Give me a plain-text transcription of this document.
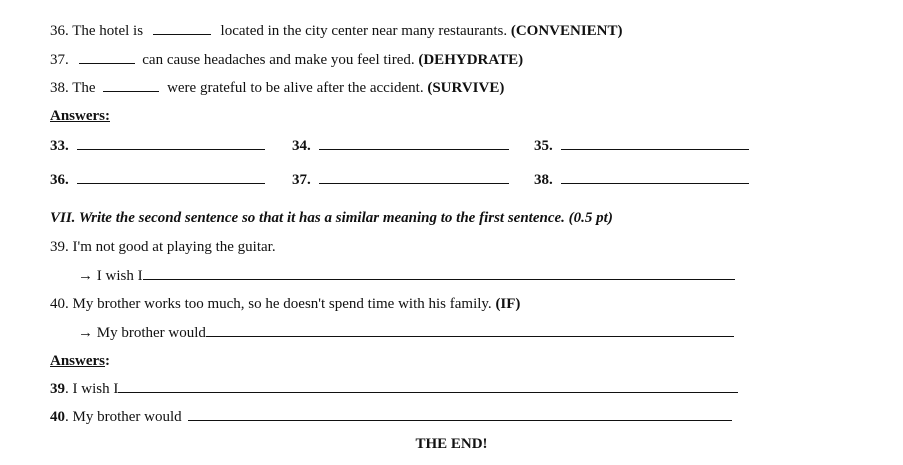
36. The hotel is	located in the city center near many restaurants. (CONVENIENT)
37.	can cause headaches and make you feel tired. (DEHYDRATE)
38. The	were grateful to be alive after the accident. (SURVIVE)
Answers:
33.	34.	35.
36.	37.	38.
VII. Write the second sentence so that it has a similar meaning to the first sentence. (0.5 pt)
39. I'm not good at playing the guitar.
→ I wish I
40. My brother works too much, so he doesn't spend time with his family. (IF)
→ My brother would
Answers:
39. I wish I
40. My brother would
THE END!
